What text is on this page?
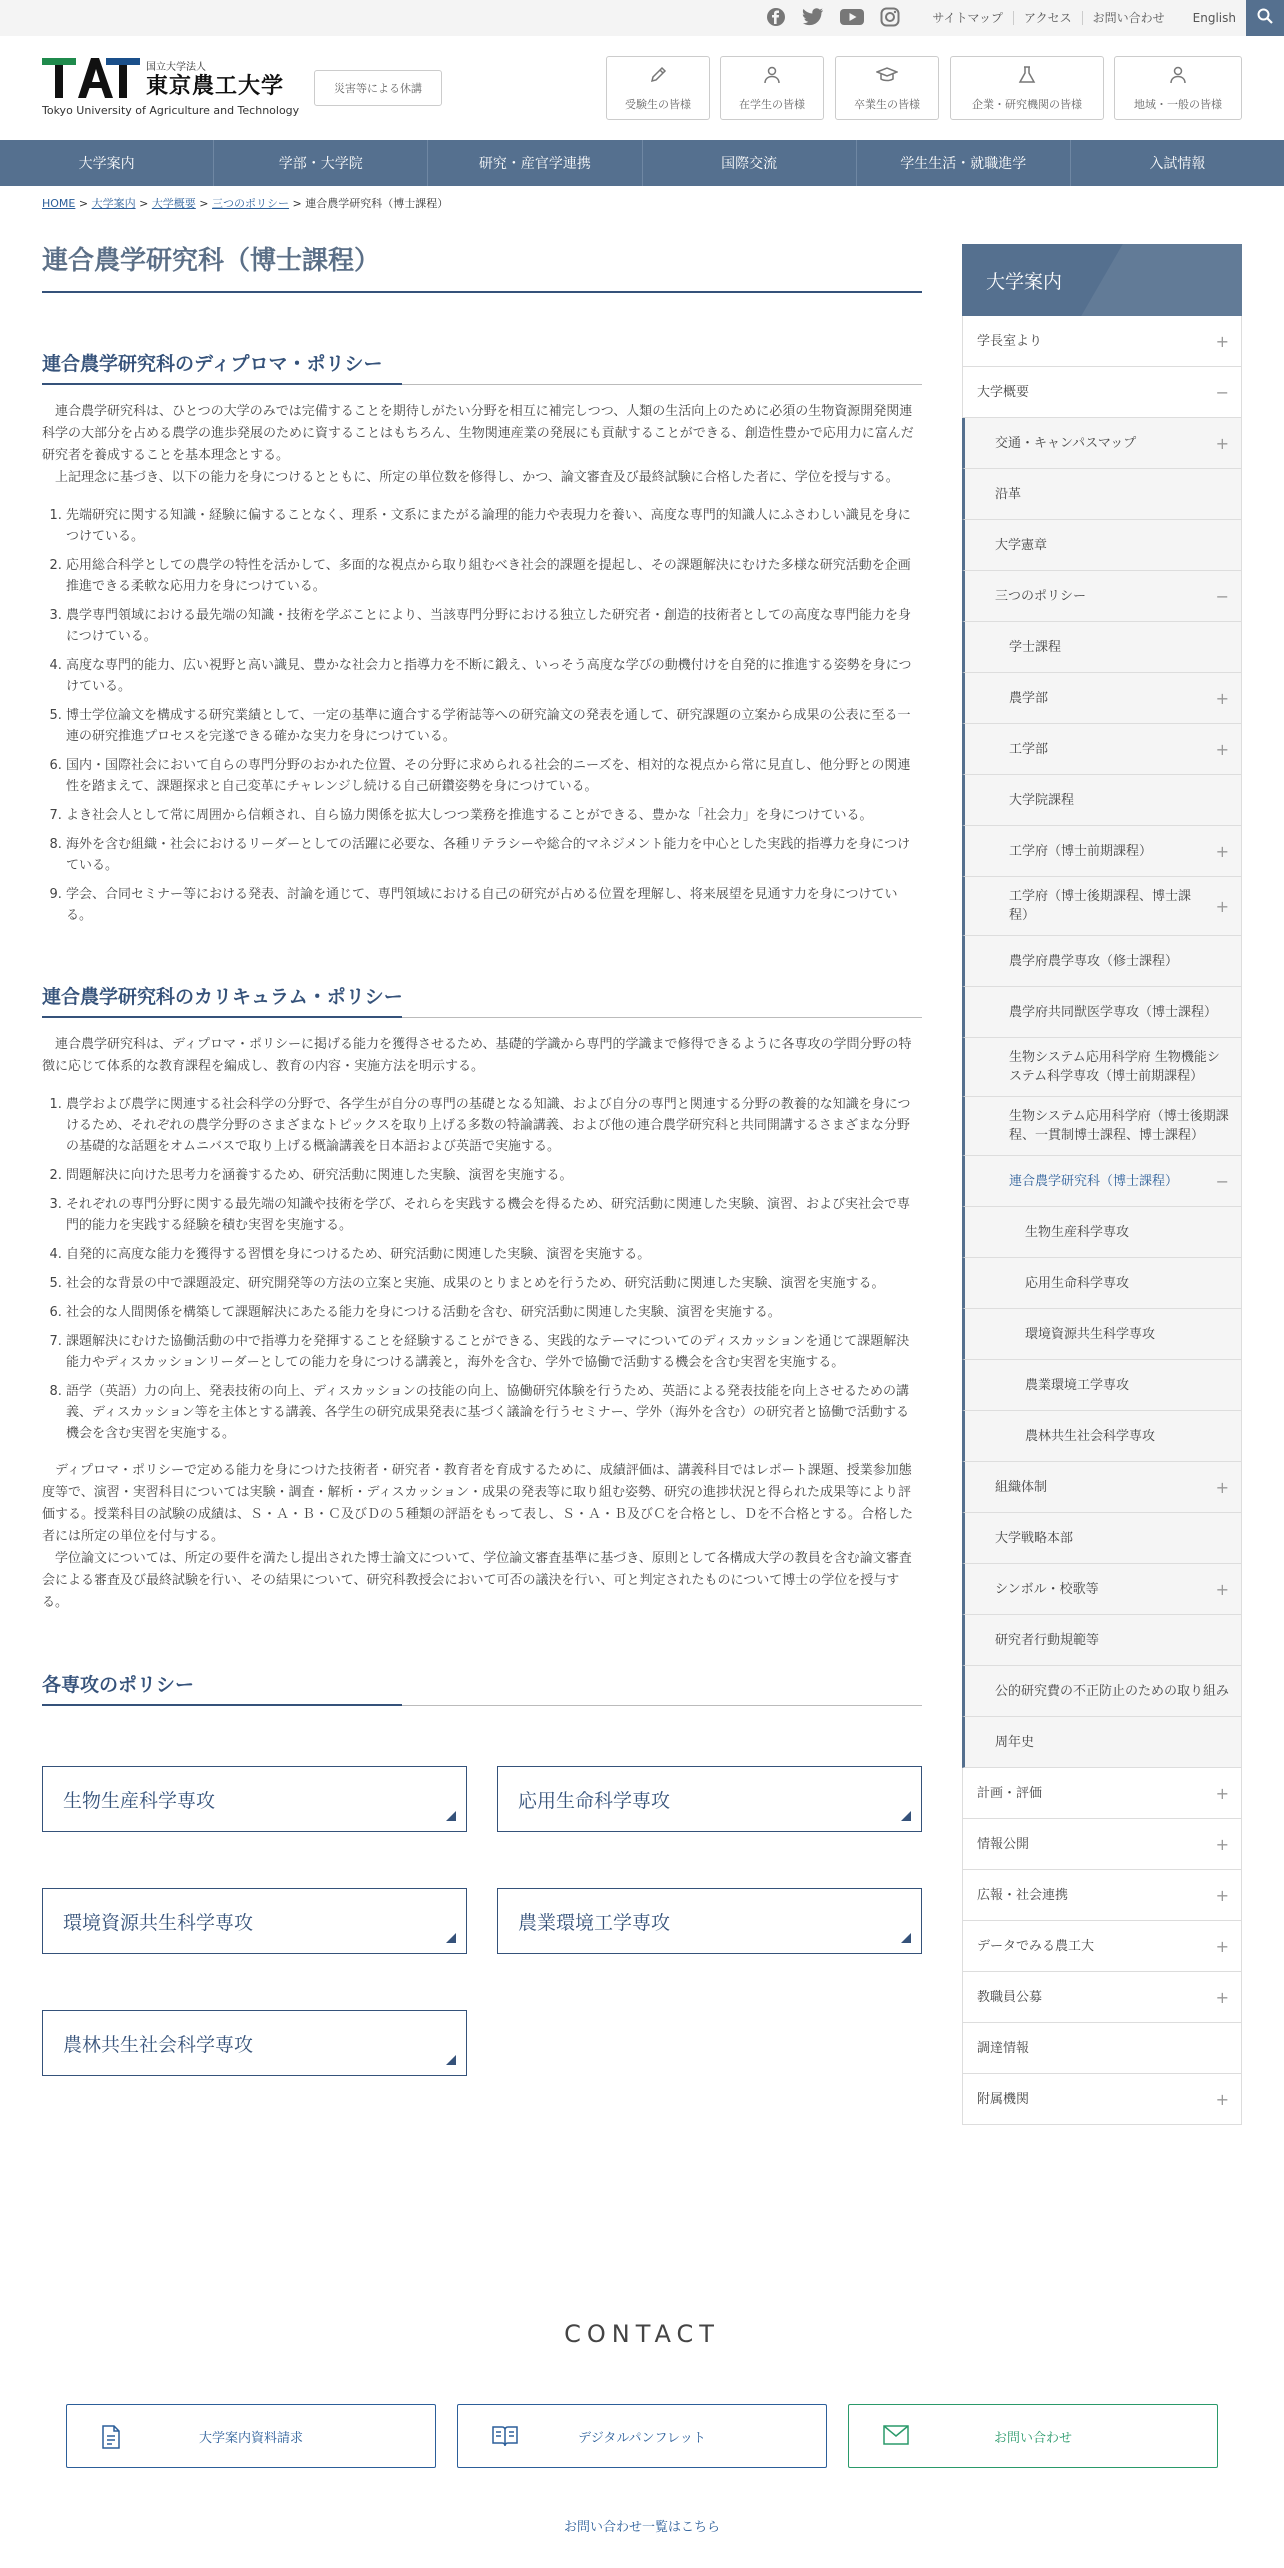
サイトマップ	アクセス	お問い合わせ	English
国立大学法人
東京農工大学
Tokyo University of Agriculture and Technology
災害等による休講
受験生の皆様	在学生の皆様	卒業生の皆様	企業・研究機関の皆様	地域・一般の皆様
大学案内	学部・大学院	研究・産官学連携	国際交流	学生生活・就職進学	入試情報
HOME > 大学案内 > 大学概要 > 三つのポリシー > 連合農学研究科（博士課程）
連合農学研究科（博士課程）
連合農学研究科のディプロマ・ポリシー

連合農学研究科は、ひとつの大学のみでは完備することを期待しがたい分野を相互に補完しつつ、人類の生活向上のために必須の生物資源開発関連科学の大部分を占める農学の進歩発展のために資することはもちろん、生物関連産業の発展にも貢献することができる、創造性豊かで応用力に富んだ研究者を養成することを基本理念とする。

上記理念に基づき、以下の能力を身につけるとともに、所定の単位数を修得し、かつ、論文審査及び最終試験に合格した者に、学位を授与する。

1. 先端研究に関する知識・経験に偏することなく、理系・文系にまたがる論理的能力や表現力を養い、高度な専門的知識人にふさわしい識見を身につけている。
2. 応用総合科学としての農学の特性を活かして、多面的な視点から取り組むべき社会的課題を提起し、その課題解決にむけた多様な研究活動を企画推進できる柔軟な応用力を身につけている。
3. 農学専門領域における最先端の知識・技術を学ぶことにより、当該専門分野における独立した研究者・創造的技術者としての高度な専門能力を身につけている。
4. 高度な専門的能力、広い視野と高い識見、豊かな社会力と指導力を不断に鍛え、いっそう高度な学びの動機付けを自発的に推進する姿勢を身につけている。
5. 博士学位論文を構成する研究業績として、一定の基準に適合する学術誌等への研究論文の発表を通して、研究課題の立案から成果の公表に至る一連の研究推進プロセスを完遂できる確かな実力を身につけている。
6. 国内・国際社会において自らの専門分野のおかれた位置、その分野に求められる社会的ニーズを、相対的な視点から常に見直し、他分野との関連性を踏まえて、課題探求と自己変革にチャレンジし続ける自己研鑽姿勢を身につけている。
7. よき社会人として常に周囲から信頼され、自ら協力関係を拡大しつつ業務を推進することができる、豊かな「社会力」を身につけている。
8. 海外を含む組織・社会におけるリーダーとしての活躍に必要な、各種リテラシーや総合的マネジメント能力を中心とした実践的指導力を身につけている。
9. 学会、合同セミナー等における発表、討論を通じて、専門領域における自己の研究が占める位置を理解し、将来展望を見通す力を身につけている。
連合農学研究科のカリキュラム・ポリシー

連合農学研究科は、ディプロマ・ポリシーに掲げる能力を獲得させるため、基礎的学識から専門的学識まで修得できるように各専攻の学問分野の特徴に応じて体系的な教育課程を編成し、教育の内容・実施方法を明示する。

1. 農学および農学に関連する社会科学の分野で、各学生が自分の専門の基礎となる知識、および自分の専門と関連する分野の教養的な知識を身につけるため、それぞれの農学分野のさまざまなトピックスを取り上げる多数の特論講義、および他の連合農学研究科と共同開講するさまざまな分野の基礎的な話題をオムニバスで取り上げる概論講義を日本語および英語で実施する。
2. 問題解決に向けた思考力を涵養するため、研究活動に関連した実験、演習を実施する。
3. それぞれの専門分野に関する最先端の知識や技術を学び、それらを実践する機会を得るため、研究活動に関連した実験、演習、および実社会で専門的能力を実践する経験を積む実習を実施する。
4. 自発的に高度な能力を獲得する習慣を身につけるため、研究活動に関連した実験、演習を実施する。
5. 社会的な背景の中で課題設定、研究開発等の方法の立案と実施、成果のとりまとめを行うため、研究活動に関連した実験、演習を実施する。
6. 社会的な人間関係を構築して課題解決にあたる能力を身につける活動を含む、研究活動に関連した実験、演習を実施する。
7. 課題解決にむけた協働活動の中で指導力を発揮することを経験することができる、実践的なテーマについてのディスカッションを通じて課題解決能力やディスカッションリーダーとしての能力を身につける講義と，海外を含む、学外で協働で活動する機会を含む実習を実施する。
8. 語学（英語）力の向上、発表技術の向上、ディスカッションの技能の向上、協働研究体験を行うため、英語による発表技能を向上させるための講義、ディスカッション等を主体とする講義、各学生の研究成果発表に基づく議論を行うセミナー、学外（海外を含む）の研究者と協働で活動する機会を含む実習を実施する。

ディプロマ・ポリシーで定める能力を身につけた技術者・研究者・教育者を育成するために、成績評価は、講義科目ではレポート課題、授業参加態度等で、演習・実習科目については実験・調査・解析・ディスカッション・成果の発表等に取り組む姿勢、研究の進捗状況と得られた成果等により評価する。授業科目の試験の成績は、Ｓ・Ａ・Ｂ・Ｃ及びＤの５種類の評語をもって表し、Ｓ・Ａ・Ｂ及びＣを合格とし、Ｄを不合格とする。合格した者には所定の単位を付与する。

学位論文については、所定の要件を満たし提出された博士論文について、学位論文審査基準に基づき、原則として各構成大学の教員を含む論文審査会による審査及び最終試験を行い、その結果について、研究科教授会において可否の議決を行い、可と判定されたものについて博士の学位を授与する。

各専攻のポリシー
生物生産科学専攻	応用生命科学専攻
環境資源共生科学専攻	農業環境工学専攻
農林共生社会科学専攻
大学案内
学長室より	+
大学概要	−
交通・キャンパスマップ	+
沿革
大学憲章
三つのポリシー	−
学士課程
農学部	+
工学部	+
大学院課程
工学府（博士前期課程）	+
工学府（博士後期課程、博士課程）	+
農学府農学専攻（修士課程）
農学府共同獣医学専攻（博士課程）
生物システム応用科学府 生物機能システム科学専攻（博士前期課程）
生物システム応用科学府（博士後期課程、一貫制博士課程、博士課程）
連合農学研究科（博士課程） −
生物生産科学専攻
応用生命科学専攻
環境資源共生科学専攻
農業環境工学専攻
農林共生社会科学専攻
組織体制	+
大学戦略本部
シンボル・校歌等	+
研究者行動規範等
公的研究費の不正防止のための取り組み
周年史
計画・評価	+
情報公開	+
広報・社会連携	+
データでみる農工大	+
教職員公募	+
調達情報
附属機関	+
CONTACT
大学案内資料請求	デジタルパンフレット	お問い合わせ
お問い合わせ一覧はこちら
